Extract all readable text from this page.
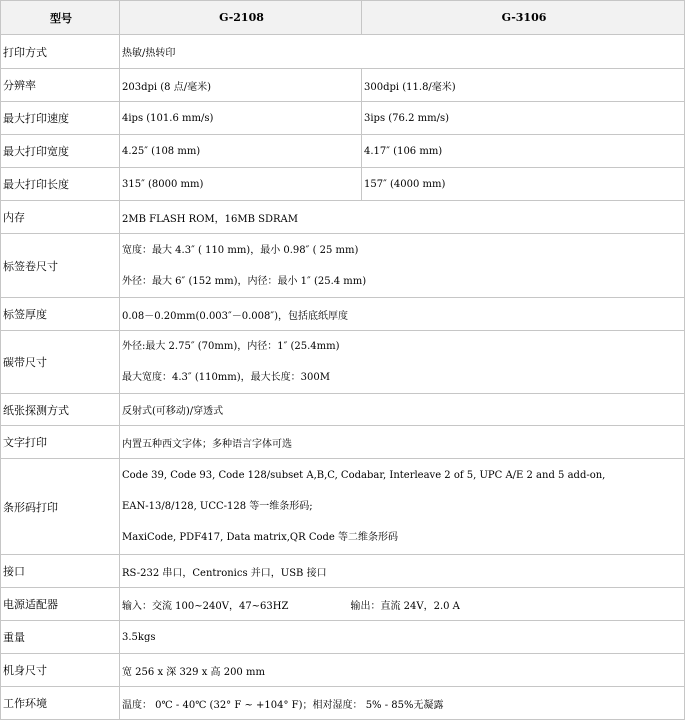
型号	G-2108	G-3106
打印方式	热敏/热转印	
分辨率	203dpi (8 点/毫米)	300dpi (11.8/毫米)
最大打印速度	4ips (101.6 mm/s)	3ips (76.2 mm/s)
最大打印宽度	4.25″ (108 mm)	4.17″ (106 mm)
最大打印长度	315″ (8000 mm)	157″ (4000 mm)
内存	2MB FLASH ROM，16MB SDRAM	
标签卷尺寸	宽度：最大 4.3″ ( 110 mm)，最小 0.98″ ( 25 mm)
外径：最大 6″ (152 mm)，内径：最小 1″ (25.4 mm)	

标签厚度	0.08－0.20mm(0.003″－0.008″)，包括底纸厚度	
碳带尺寸	外径:最大 2.75″ (70mm)，内径：1″ (25.4mm)
最大宽度：4.3″ (110mm)，最大长度：300M	

纸张探测方式	反射式(可移动)/穿透式	
文字打印	内置五种西文字体；多种语言字体可选	
条形码打印	Code 39, Code 93, Code 128/subset A,B,C, Codabar, Interleave 2 of 5, UPC A/E 2 and 5 add-on,
EAN-13/8/128, UCC-128 等一维条形码;
MaxiCode, PDF417, Data matrix,QR Code 等二维条形码	

接口	RS-232 串口，Centronics 并口，USB 接口	
电源适配器	输入：交流 100~240V，47~63HZ 输出：直流 24V，2.0 A	
重量	3.5kgs	
机身尺寸	宽 256 x 深 329 x 高 200 mm	
工作环境	温度： 0℃ - 40℃ (32° F ~ +104° F)；相对湿度： 5% - 85%无凝露	
